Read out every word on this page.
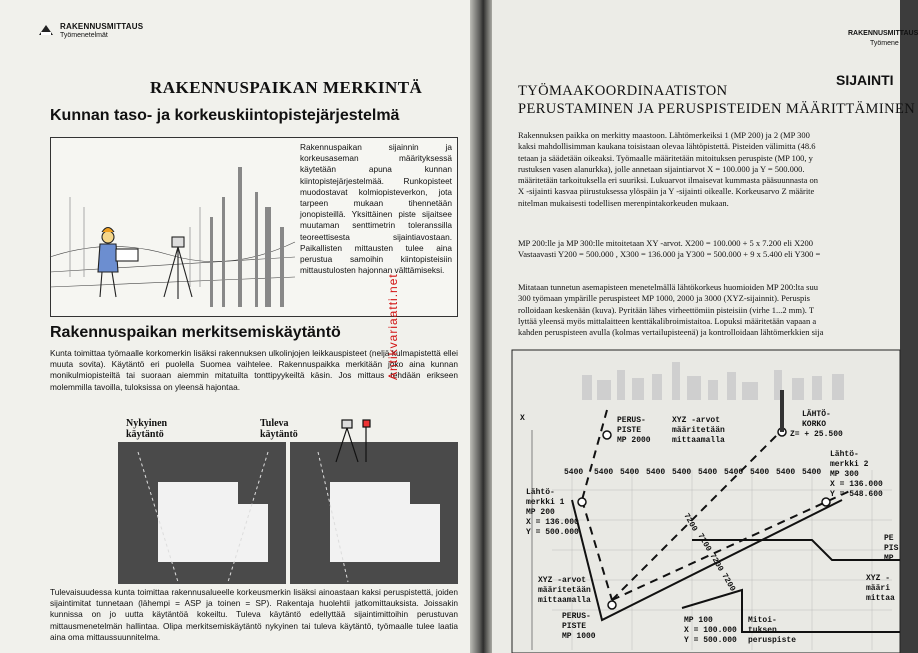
RAKENNUSMITTAUS
Työmenetelmät
RAKENNUSPAIKAN MERKINTÄ
Kunnan taso- ja korkeuskiintopistejärjestelmä

Rakennuspaikan sijainnin ja korkeusaseman määrityksessä käytetään apuna kunnan kiintopistejärjestelmää. Runkopisteet muodostavat kolmiopisteverkon, jota tarpeen mukaan tihennetään jonopisteillä. Yksittäinen piste sijaitsee muutaman senttimetrin toleranssilla teoreettisesta sijaintiavostaan. Paikallisten mittausten tulee aina perustua samoihin kiintopisteisiin mittaustulosten hajonnan välttämiseksi.

Rakennuspaikan merkitsemiskäytäntö

Kunta toimittaa työmaalle korkomerkin lisäksi rakennuksen ulkolinjojen leikkauspisteet (neljä kulmapistettä ellei muuta sovita). Käytäntö eri puolella Suomea vaihtelee. Rakennuspaikka merkitään joko aina kunnan monikulmiopisteiltä tai suoraan aiemmin mitatuilta tonttipyykeiltä käsin. Jos mittaus tehdään erikseen molemmilla tavoilla, tuloksissa on yleensä hajontaa.

Nykyinen käytäntö
Tuleva käytäntö

Tulevaisuudessa kunta toimittaa rakennusalueelle korkeusmerkin lisäksi ainoastaan kaksi peruspistettä, joiden sijaintimitat tunnetaan (lähempi = ASP ja toinen = SP). Rakentaja huolehtii jatkomittauksista. Joissakin kunnissa on jo uutta käytäntöä kokeiltu. Tuleva käytäntö edellyttää sijaintimittoihin perustuvan mittausmenetelmän hallintaa. Olipa merkitsemiskäytäntö nykyinen tai tuleva käytäntö, työmaalle tulee laatia aina oma mittaussuunnitelma.

Antikvariaatti.net
RAKENNUSMITTAUS
Työmene
SIJAINTI
TYÖMAAKOORDINAATISTON
PERUSTAMINEN JA PERUSPISTEIDEN MÄÄRITTÄMINEN

Rakennuksen paikka on merkitty maastoon. Lähtömerkeiksi 1 (MP 200) ja 2 (MP 300
kaksi mahdollisimman kaukana toisistaan olevaa lähtöpistettä. Pisteiden välimitta (48.6
tetaan ja säädetään oikeaksi. Työmaalle määritetään mitoituksen peruspiste (MP 100, y
rustuksen vasen alanurkka), jolle annetaan sijaintiarvot X = 100.000 ja Y = 500.000.
määritetään tarkoituksella eri suuriksi. Lukuarvot ilmaisevat kummasta pääsuunnasta on
X -sijainti kasvaa piirustuksessa ylöspäin ja Y -sijainti oikealle. Korkeusarvo Z määrite
nitelman mukaisesti todellisen merenpintakorkeuden mukaan.

MP 200:lle ja MP 300:lle mitoitetaan XY -arvot. X200 = 100.000 + 5 x 7.200 eli X200
Vastaavasti Y200 = 500.000 , X300 = 136.000 ja Y300 = 500.000 + 9 x 5.400 eli Y300 =

Mitataan tunnetun asemapisteen menetelmällä lähtökorkeus huomioiden MP 200:lta suu
300 työmaan ympärille peruspisteet MP 1000, 2000 ja 3000 (XYZ-sijainnit). Peruspis
rolloidaan keskenään (kuva). Pyritään lähes virheettömiin pisteisiin (virhe 1...2 mm). T
lyttää yleensä myös mittalaitteen kenttäkalibroimistaitoa. Lopuksi määritetään vapaan a
kahden peruspisteen avulla (kolmas vertailupisteenä) ja kontrolloidaan lähtömerkkien sija

X	PERUS-PISTE MP 2000
XYZ -arvot määritetään mittaamalla
LÄHTÖ-KORKO Z= + 25.500
Lähtö-merkki 1 MP 200 X = 136.000 Y = 500.000
Lähtö-merkki 2 MP 300 X = 136.000 Y = 548.600
XYZ -arvot määritetään mittaamalla
PERUS-PISTE MP 1000
MP 100 X = 100.000 Y = 500.000
Mitoi-tuksen peruspiste
PE PIS MP
XYZ -määri mittaa
5400 5400 5400 5400 5400 5400 5400 5400 5400 5400
7200
7200
7200
7200
